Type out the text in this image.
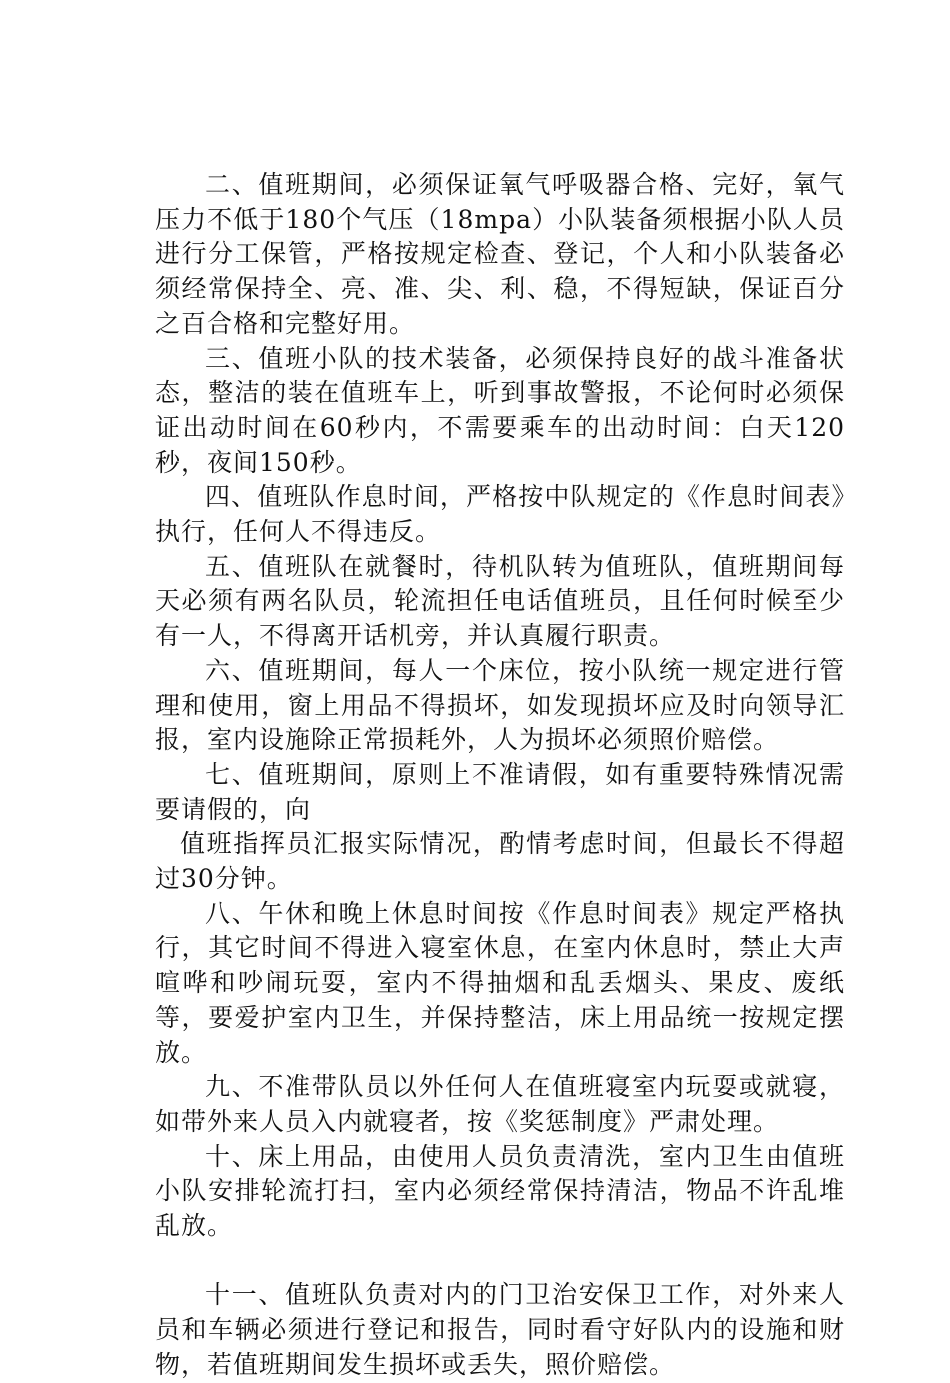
二、值班期间，必须保证氧气呼吸器合格、完好，氧气压力不低于180个气压（18mpa）小队装备须根据小队人员进行分工保管，严格按规定检查、登记，个人和小队装备必须经常保持全、亮、准、尖、利、稳，不得短缺，保证百分之百合格和完整好用。

三、值班小队的技术装备，必须保持良好的战斗准备状态，整洁的装在值班车上，听到事故警报，不论何时必须保证出动时间在60秒内，不需要乘车的出动时间：白天120秒，夜间150秒。

四、值班队作息时间，严格按中队规定的《作息时间表》执行，任何人不得违反。

五、值班队在就餐时，待机队转为值班队，值班期间每天必须有两名队员，轮流担任电话值班员，且任何时候至少有一人，不得离开话机旁，并认真履行职责。

六、值班期间，每人一个床位，按小队统一规定进行管理和使用，窗上用品不得损坏，如发现损坏应及时向领导汇报，室内设施除正常损耗外，人为损坏必须照价赔偿。

七、值班期间，原则上不准请假，如有重要特殊情况需要请假的，向

值班指挥员汇报实际情况，酌情考虑时间，但最长不得超过30分钟。

八、午休和晚上休息时间按《作息时间表》规定严格执行，其它时间不得进入寝室休息，在室内休息时，禁止大声喧哗和吵闹玩耍，室内不得抽烟和乱丢烟头、果皮、废纸等，要爱护室内卫生，并保持整洁，床上用品统一按规定摆放。

九、不准带队员以外任何人在值班寝室内玩耍或就寝，如带外来人员入内就寝者，按《奖惩制度》严肃处理。

十、床上用品，由使用人员负责清洗，室内卫生由值班小队安排轮流打扫，室内必须经常保持清洁，物品不许乱堆乱放。

十一、值班队负责对内的门卫治安保卫工作，对外来人员和车辆必须进行登记和报告，同时看守好队内的设施和财物，若值班期间发生损坏或丢失，照价赔偿。
